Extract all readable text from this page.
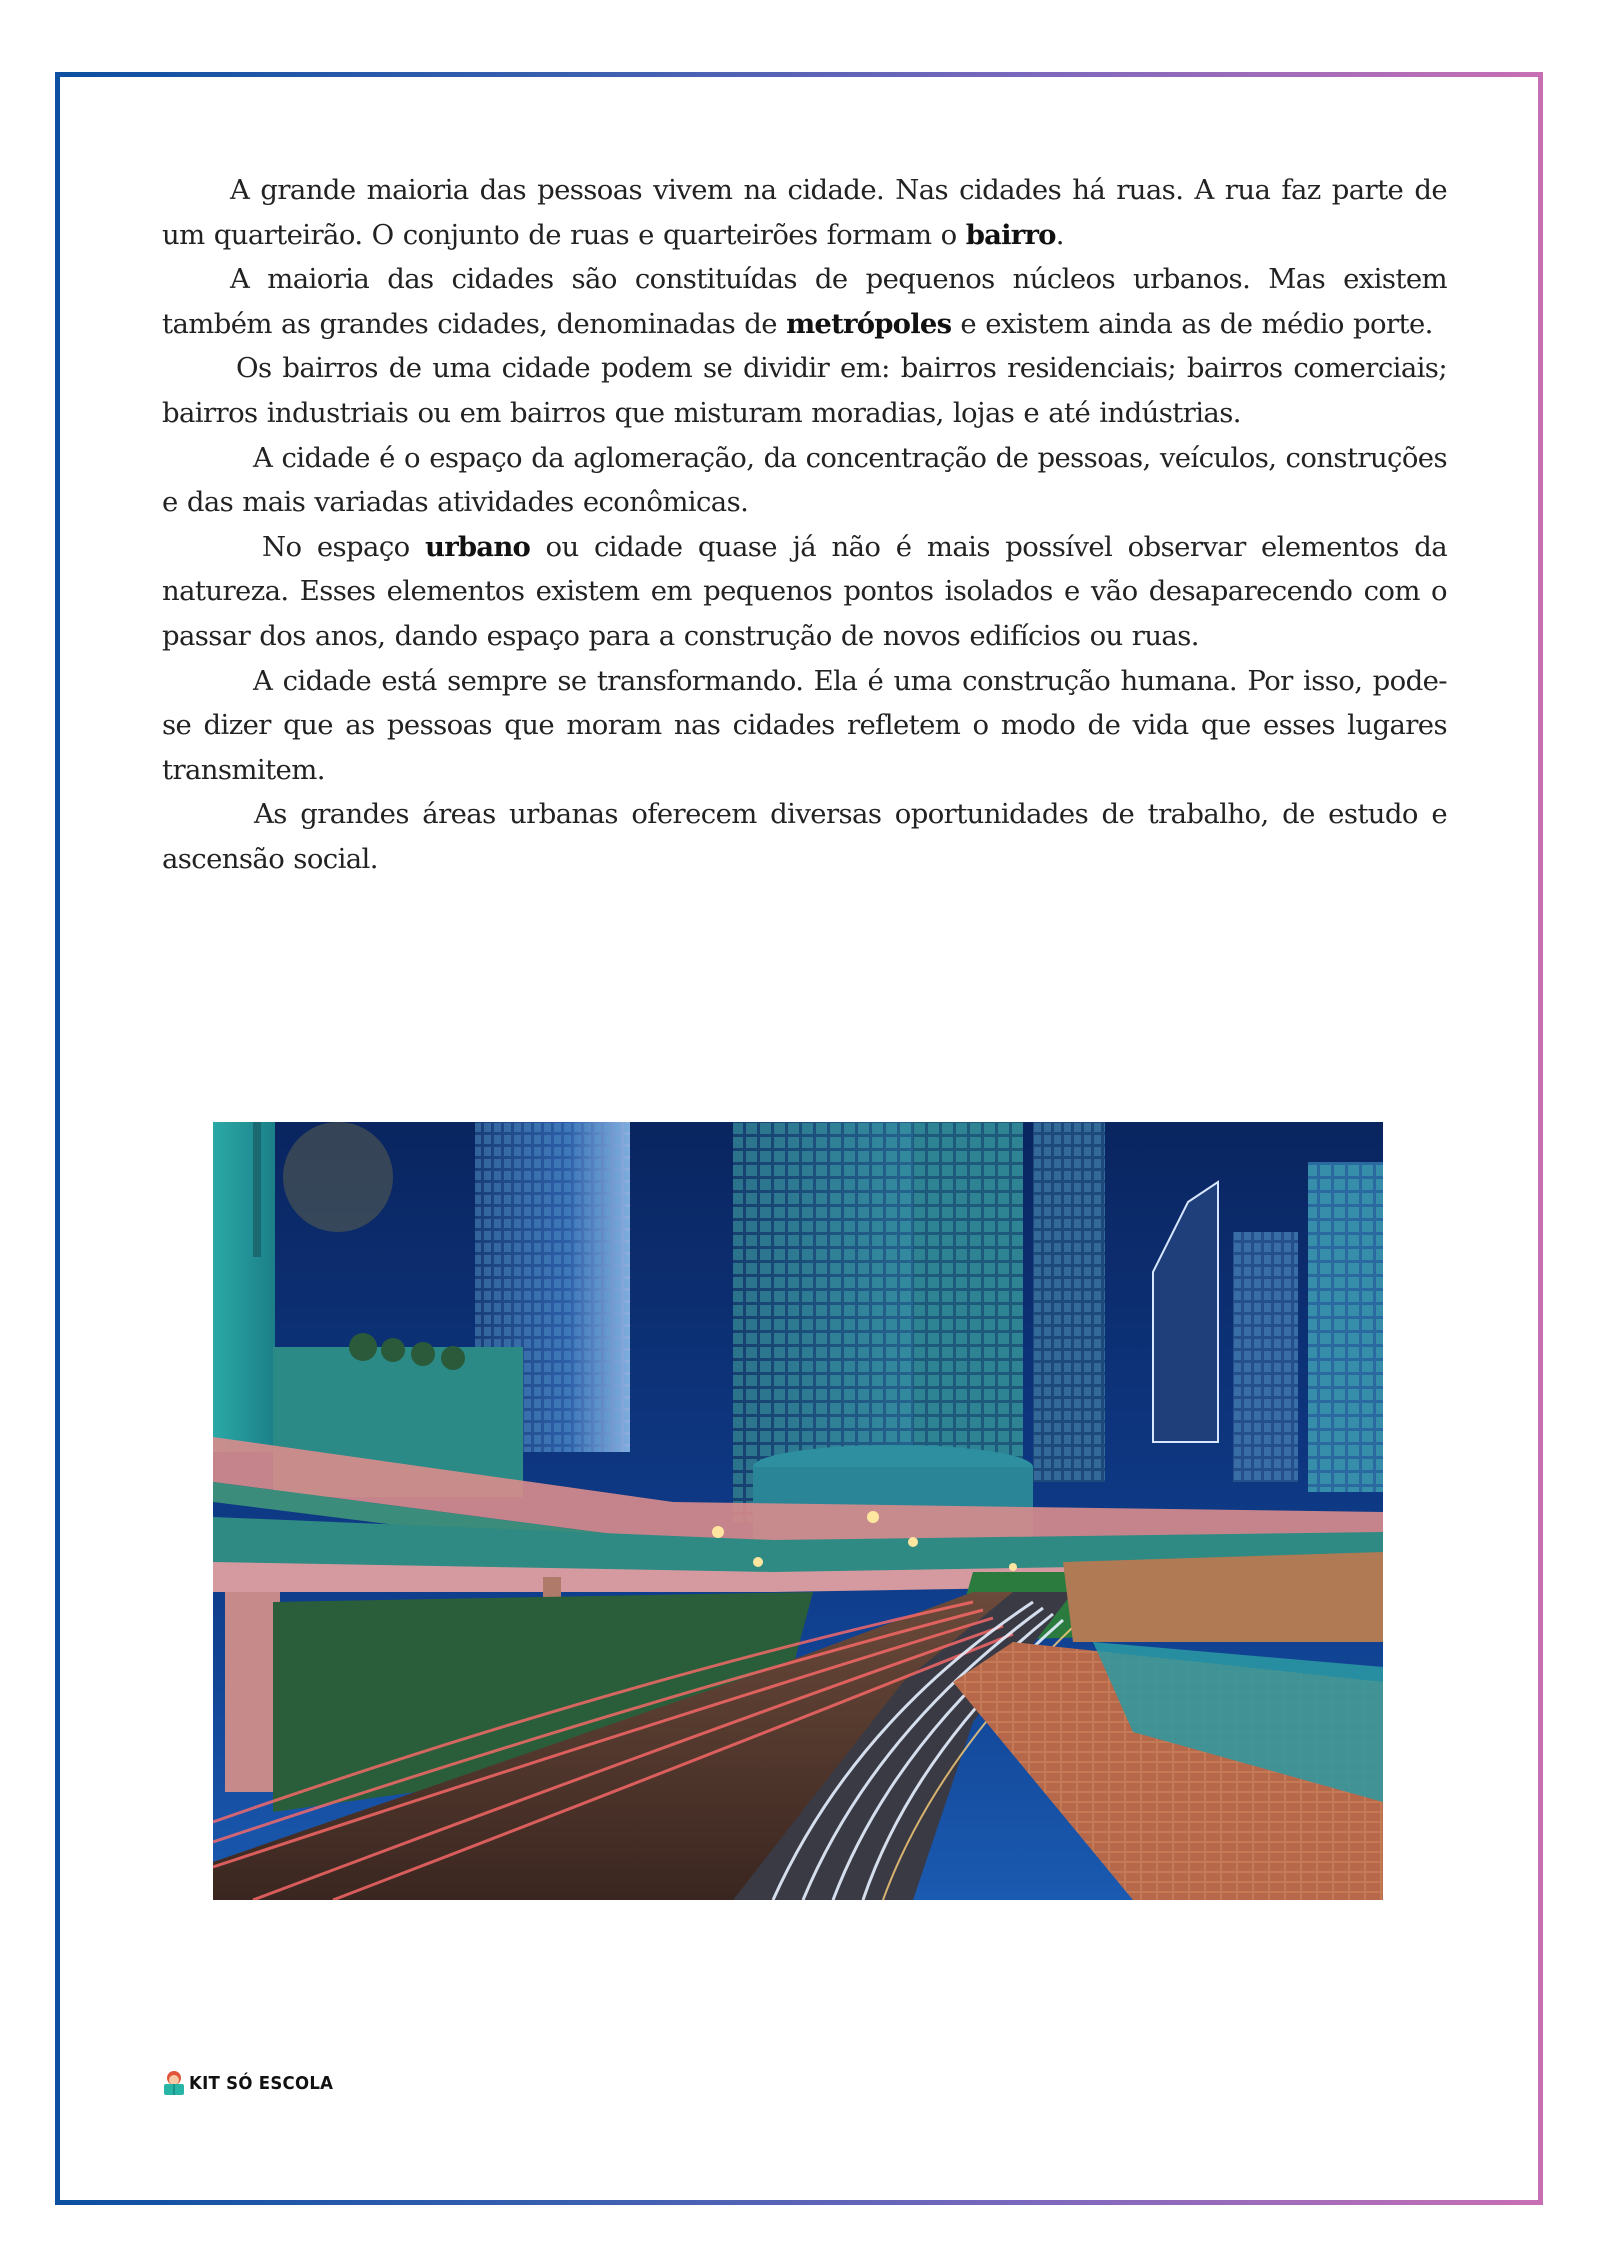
A grande maioria das pessoas vivem na cidade. Nas cidades há ruas. A rua faz parte de um quarteirão. O conjunto de ruas e quarteirões formam o bairro.

A maioria das cidades são constituídas de pequenos núcleos urbanos. Mas existem também as grandes cidades, denominadas de metrópoles e existem ainda as de médio porte.

Os bairros de uma cidade podem se dividir em: bairros residenciais; bairros comerciais; bairros industriais ou em bairros que misturam moradias, lojas e até indústrias.

A cidade é o espaço da aglomeração, da concentração de pessoas, veículos, construções e das mais variadas atividades econômicas.

No espaço urbano ou cidade quase já não é mais possível observar elementos da natureza. Esses elementos existem em pequenos pontos isolados e vão desaparecendo com o passar dos anos, dando espaço para a construção de novos edifícios ou ruas.

A cidade está sempre se transformando. Ela é uma construção humana. Por isso, pode-se dizer que as pessoas que moram nas cidades refletem o modo de vida que esses lugares transmitem.

As grandes áreas urbanas oferecem diversas oportunidades de trabalho, de estudo e ascensão social.

KIT SÓ ESCOLA
